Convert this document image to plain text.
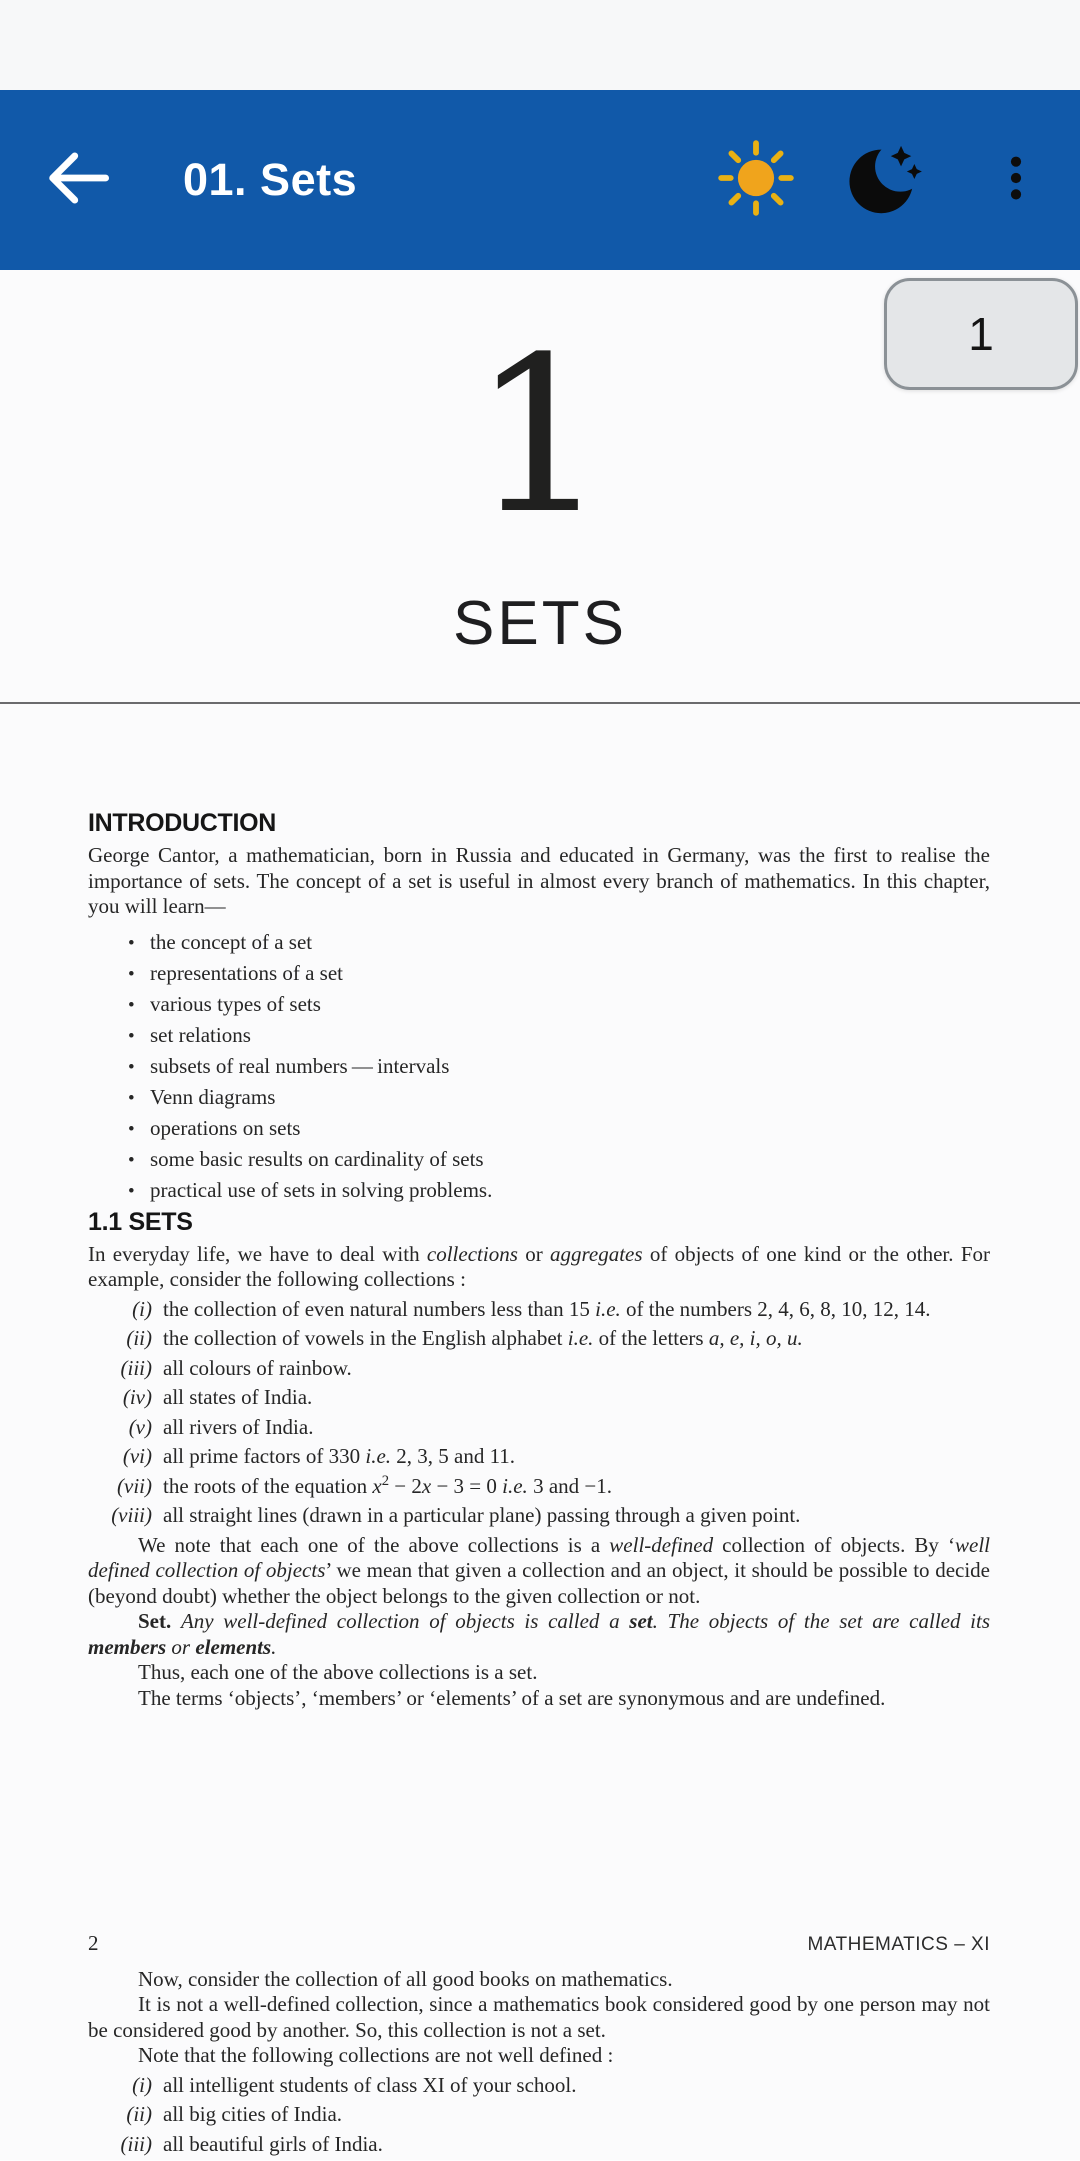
01. Sets
1
1
SETS
INTRODUCTION

George Cantor, a mathematician, born in Russia and educated in Germany, was the first to realise the importance of sets. The concept of a set is useful in almost every branch of mathematics. In this chapter, you will learn—

• the concept of a set
• representations of a set
• various types of sets
• set relations
• subsets of real numbers — intervals
• Venn diagrams
• operations on sets
• some basic results on cardinality of sets
• practical use of sets in solving problems.
1.1 SETS

In everyday life, we have to deal with collections or aggregates of objects of one kind or the other. For example, consider the following collections :

(i) the collection of even natural numbers less than 15 i.e. of the numbers 2, 4, 6, 8, 10, 12, 14.
(ii) the collection of vowels in the English alphabet i.e. of the letters a, e, i, o, u.
(iii) all colours of rainbow.
(iv) all states of India.
(v) all rivers of India.
(vi) all prime factors of 330 i.e. 2, 3, 5 and 11.
(vii) the roots of the equation $x^2 - 2x - 3 = 0$ i.e. 3 and −1.
(viii) all straight lines (drawn in a particular plane) passing through a given point.

We note that each one of the above collections is a well-defined collection of objects. By ‘well defined collection of objects’ we mean that given a collection and an object, it should be possible to decide (beyond doubt) whether the object belongs to the given collection or not.

Set. Any well-defined collection of objects is called a set. The objects of the set are called its members or elements.

Thus, each one of the above collections is a set.

The terms ‘objects’, ‘members’ or ‘elements’ of a set are synonymous and are undefined.

2	MATHEMATICS – XI

Now, consider the collection of all good books on mathematics.

It is not a well-defined collection, since a mathematics book considered good by one person may not be considered good by another. So, this collection is not a set.

Note that the following collections are not well defined :

(i) all intelligent students of class XI of your school.
(ii) all big cities of India.
(iii) all beautiful girls of India.
